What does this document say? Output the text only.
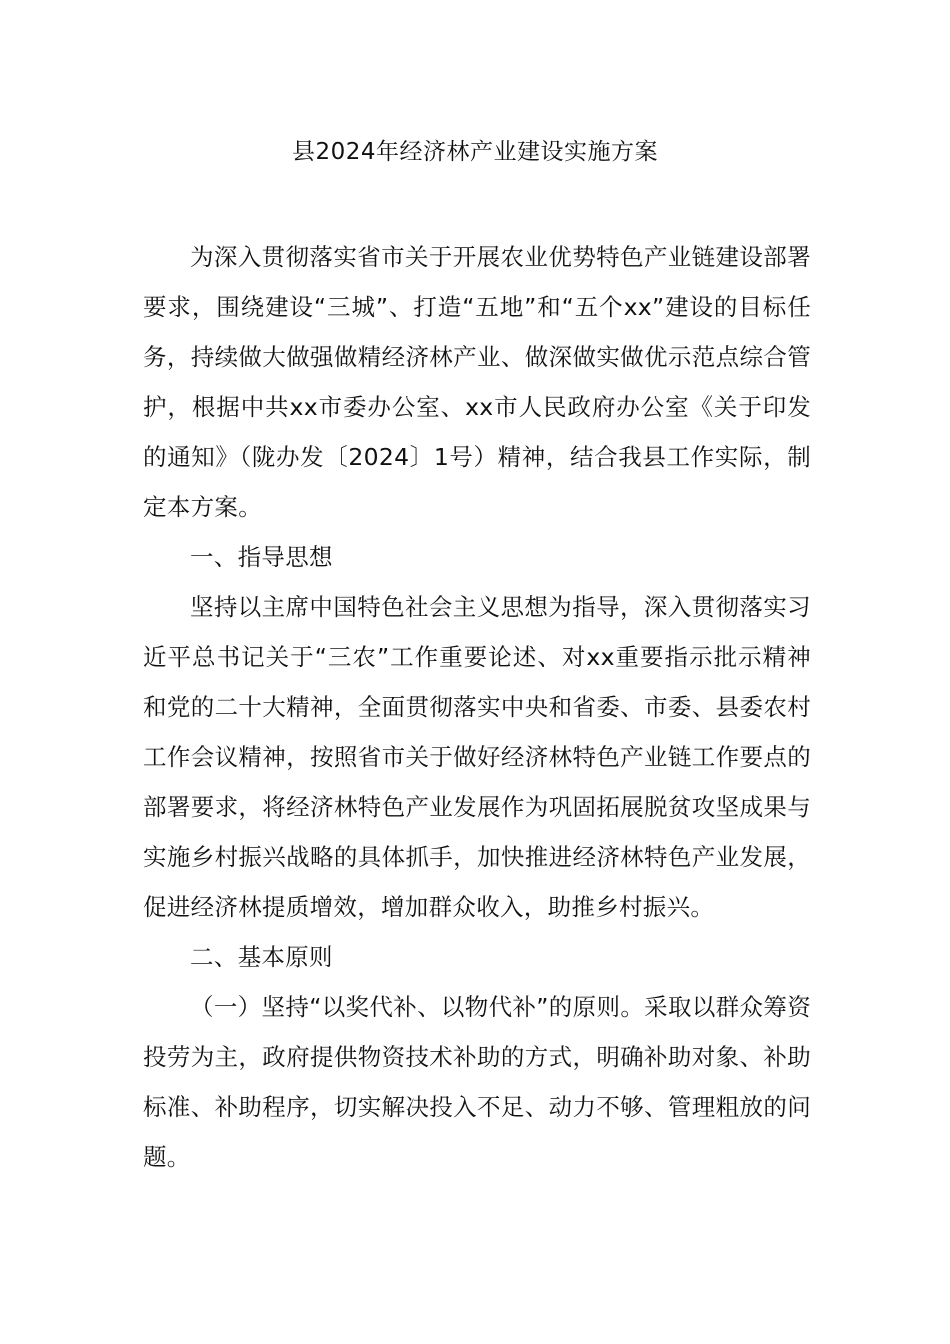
县2024年经济林产业建设实施方案

为深入贯彻落实省市关于开展农业优势特色产业链建设部署要求，围绕建设“三城”、打造“五地”和“五个xx”建设的目标任务，持续做大做强做精经济林产业、做深做实做优示范点综合管护，根据中共xx市委办公室、xx市人民政府办公室《关于印发的通知》（陇办发〔2024〕1号）精神，结合我县工作实际，制定本方案。

一、指导思想

坚持以主席中国特色社会主义思想为指导，深入贯彻落实习近平总书记关于“三农”工作重要论述、对xx重要指示批示精神和党的二十大精神，全面贯彻落实中央和省委、市委、县委农村工作会议精神，按照省市关于做好经济林特色产业链工作要点的部署要求，将经济林特色产业发展作为巩固拓展脱贫攻坚成果与实施乡村振兴战略的具体抓手，加快推进经济林特色产业发展，促进经济林提质增效，增加群众收入，助推乡村振兴。

二、基本原则

（一）坚持“以奖代补、以物代补”的原则。采取以群众筹资投劳为主，政府提供物资技术补助的方式，明确补助对象、补助标准、补助程序，切实解决投入不足、动力不够、管理粗放的问题。
